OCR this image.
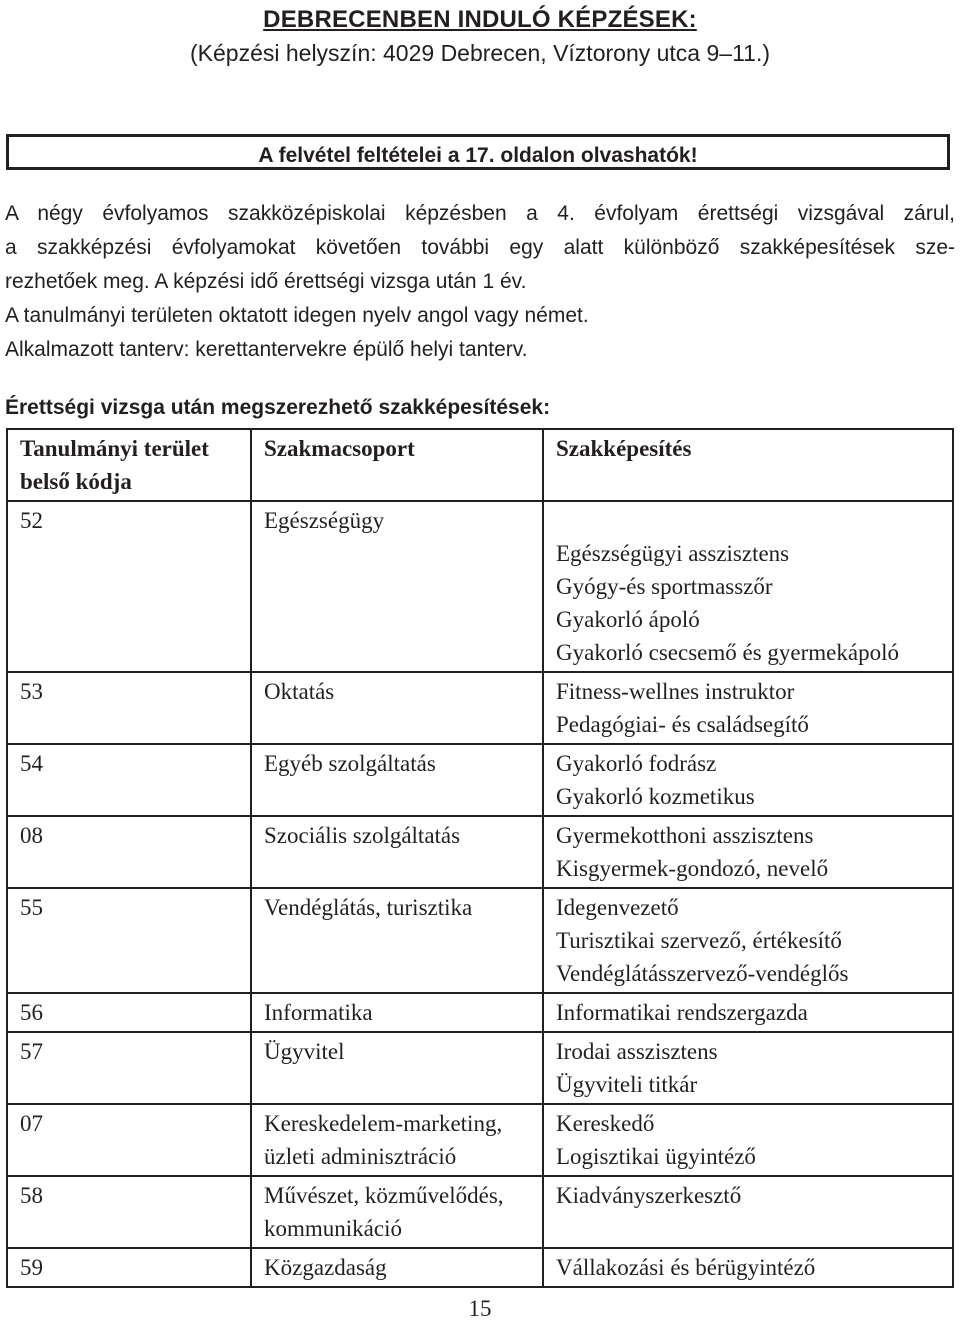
DEBRECENBEN INDULÓ KÉPZÉSEK:
(Képzési helyszín: 4029 Debrecen, Víztorony utca 9–11.)
A felvétel feltételei a 17. oldalon olvashatók!
A négy évfolyamos szakközépiskolai képzésben a 4. évfolyam érettségi vizsgával zárul,
a szakképzési évfolyamokat követően további egy alatt különböző szakképesítések sze-
rezhetőek meg. A képzési idő érettségi vizsga után 1 év.
A tanulmányi területen oktatott idegen nyelv angol vagy német.
Alkalmazott tanterv: kerettantervekre épülő helyi tanterv.
Érettségi vizsga után megszerezhető szakképesítések:
Tanulmányi terület
belső kódja	Szakmacsoport	Szakképesítés
52	Egészségügy	Egészségügyi asszisztens
Gyógy-és sportmasszőr
Gyakorló ápoló
Gyakorló csecsemő és gyermekápoló

53	Oktatás	Fitness-wellnes instruktor
Pedagógiai- és családsegítő

54	Egyéb szolgáltatás	Gyakorló fodrász
Gyakorló kozmetikus

08	Szociális szolgáltatás	Gyermekotthoni asszisztens
Kisgyermek-gondozó, nevelő

55	Vendéglátás, turisztika	Idegenvezető
Turisztikai szervező, értékesítő
Vendéglátásszervező-vendéglős

56	Informatika	Informatikai rendszergazda

57	Ügyvitel	Irodai asszisztens
Ügyviteli titkár

07	Kereskedelem-marketing,
üzleti adminisztráció	Kereskedő
Logisztikai ügyintéző

58	Művészet, közművelődés,
kommunikáció	Kiadványszerkesztő

59	Közgazdaság	Vállakozási és bérügyintéző
15
